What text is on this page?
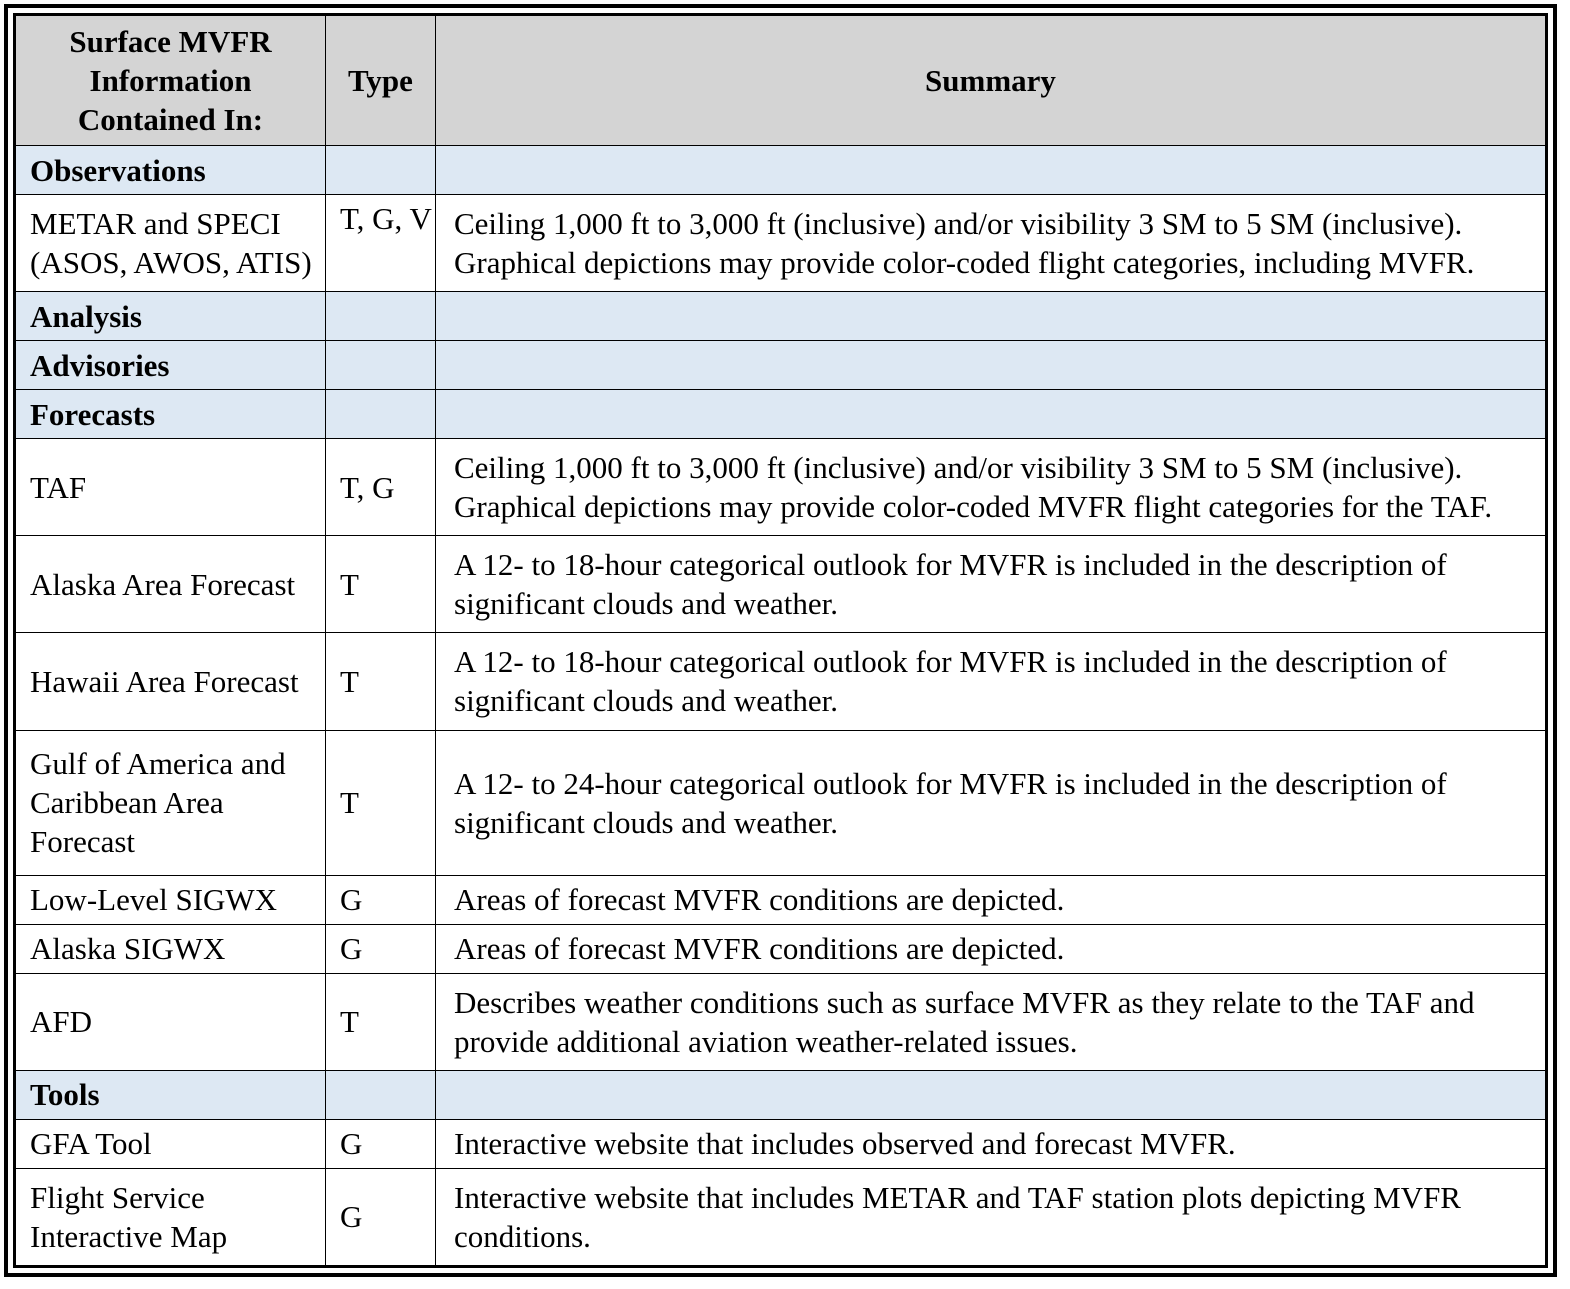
Surface MVFR Information Contained In:	Type	Summary
Observations		
METAR and SPECI (ASOS, AWOS, ATIS)	T, G, V	Ceiling 1,000 ft to 3,000 ft (inclusive) and/or visibility 3 SM to 5 SM (inclusive). Graphical depictions may provide color-coded flight categories, including MVFR.
Analysis		
Advisories		
Forecasts		
TAF	T, G	Ceiling 1,000 ft to 3,000 ft (inclusive) and/or visibility 3 SM to 5 SM (inclusive). Graphical depictions may provide color-coded MVFR flight categories for the TAF.
Alaska Area Forecast	T	A 12- to 18-hour categorical outlook for MVFR is included in the description of significant clouds and weather.
Hawaii Area Forecast	T	A 12- to 18-hour categorical outlook for MVFR is included in the description of significant clouds and weather.
Gulf of America and Caribbean Area Forecast	T	A 12- to 24-hour categorical outlook for MVFR is included in the description of significant clouds and weather.
Low-Level SIGWX	G	Areas of forecast MVFR conditions are depicted.
Alaska SIGWX	G	Areas of forecast MVFR conditions are depicted.
AFD	T	Describes weather conditions such as surface MVFR as they relate to the TAF and provide additional aviation weather-related issues.
Tools		
GFA Tool	G	Interactive website that includes observed and forecast MVFR.
Flight Service Interactive Map	G	Interactive website that includes METAR and TAF station plots depicting MVFR conditions.
